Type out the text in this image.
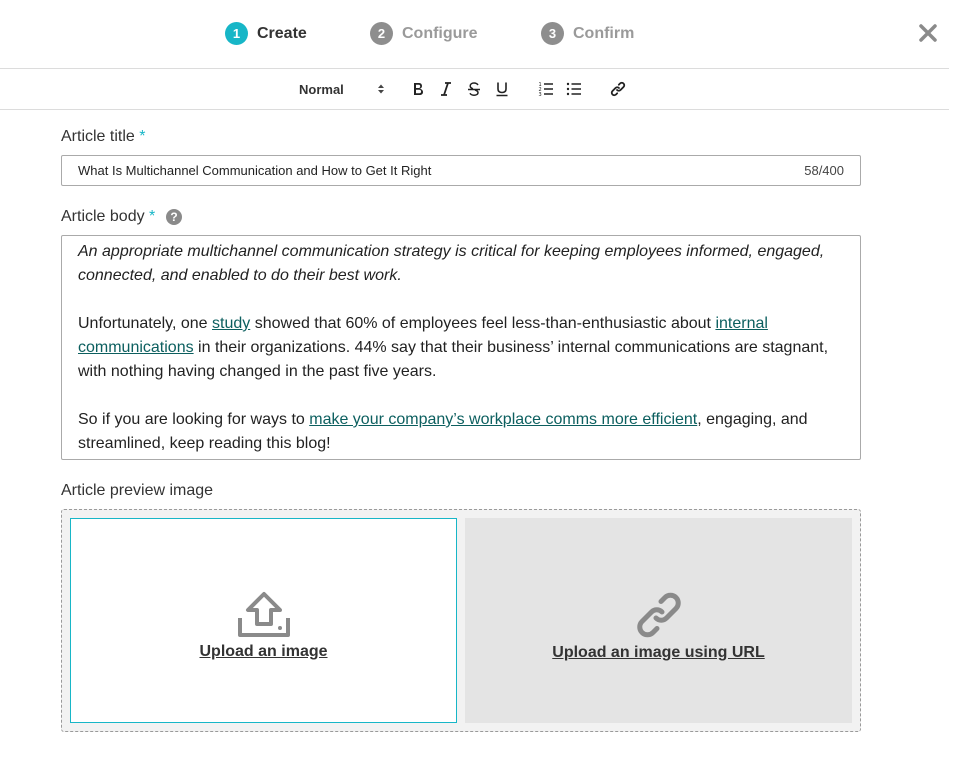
1	Create	2	Configure	3	Confirm
Normal	1
2
3
Article title *
What Is Multichannel Communication and How to Get It Right
58/400
Article body *	?

An appropriate multichannel communication strategy is critical for keeping employees informed, engaged, connected, and enabled to do their best work.

Unfortunately, one study showed that 60% of employees feel less-than-enthusiastic about internal communications in their organizations. 44% say that their business’ internal communications are stagnant, with nothing having changed in the past five years.

So if you are looking for ways to make your company’s workplace comms more efficient, engaging, and streamlined, keep reading this blog!

Article preview image
Upload an image	Upload an image using URL
